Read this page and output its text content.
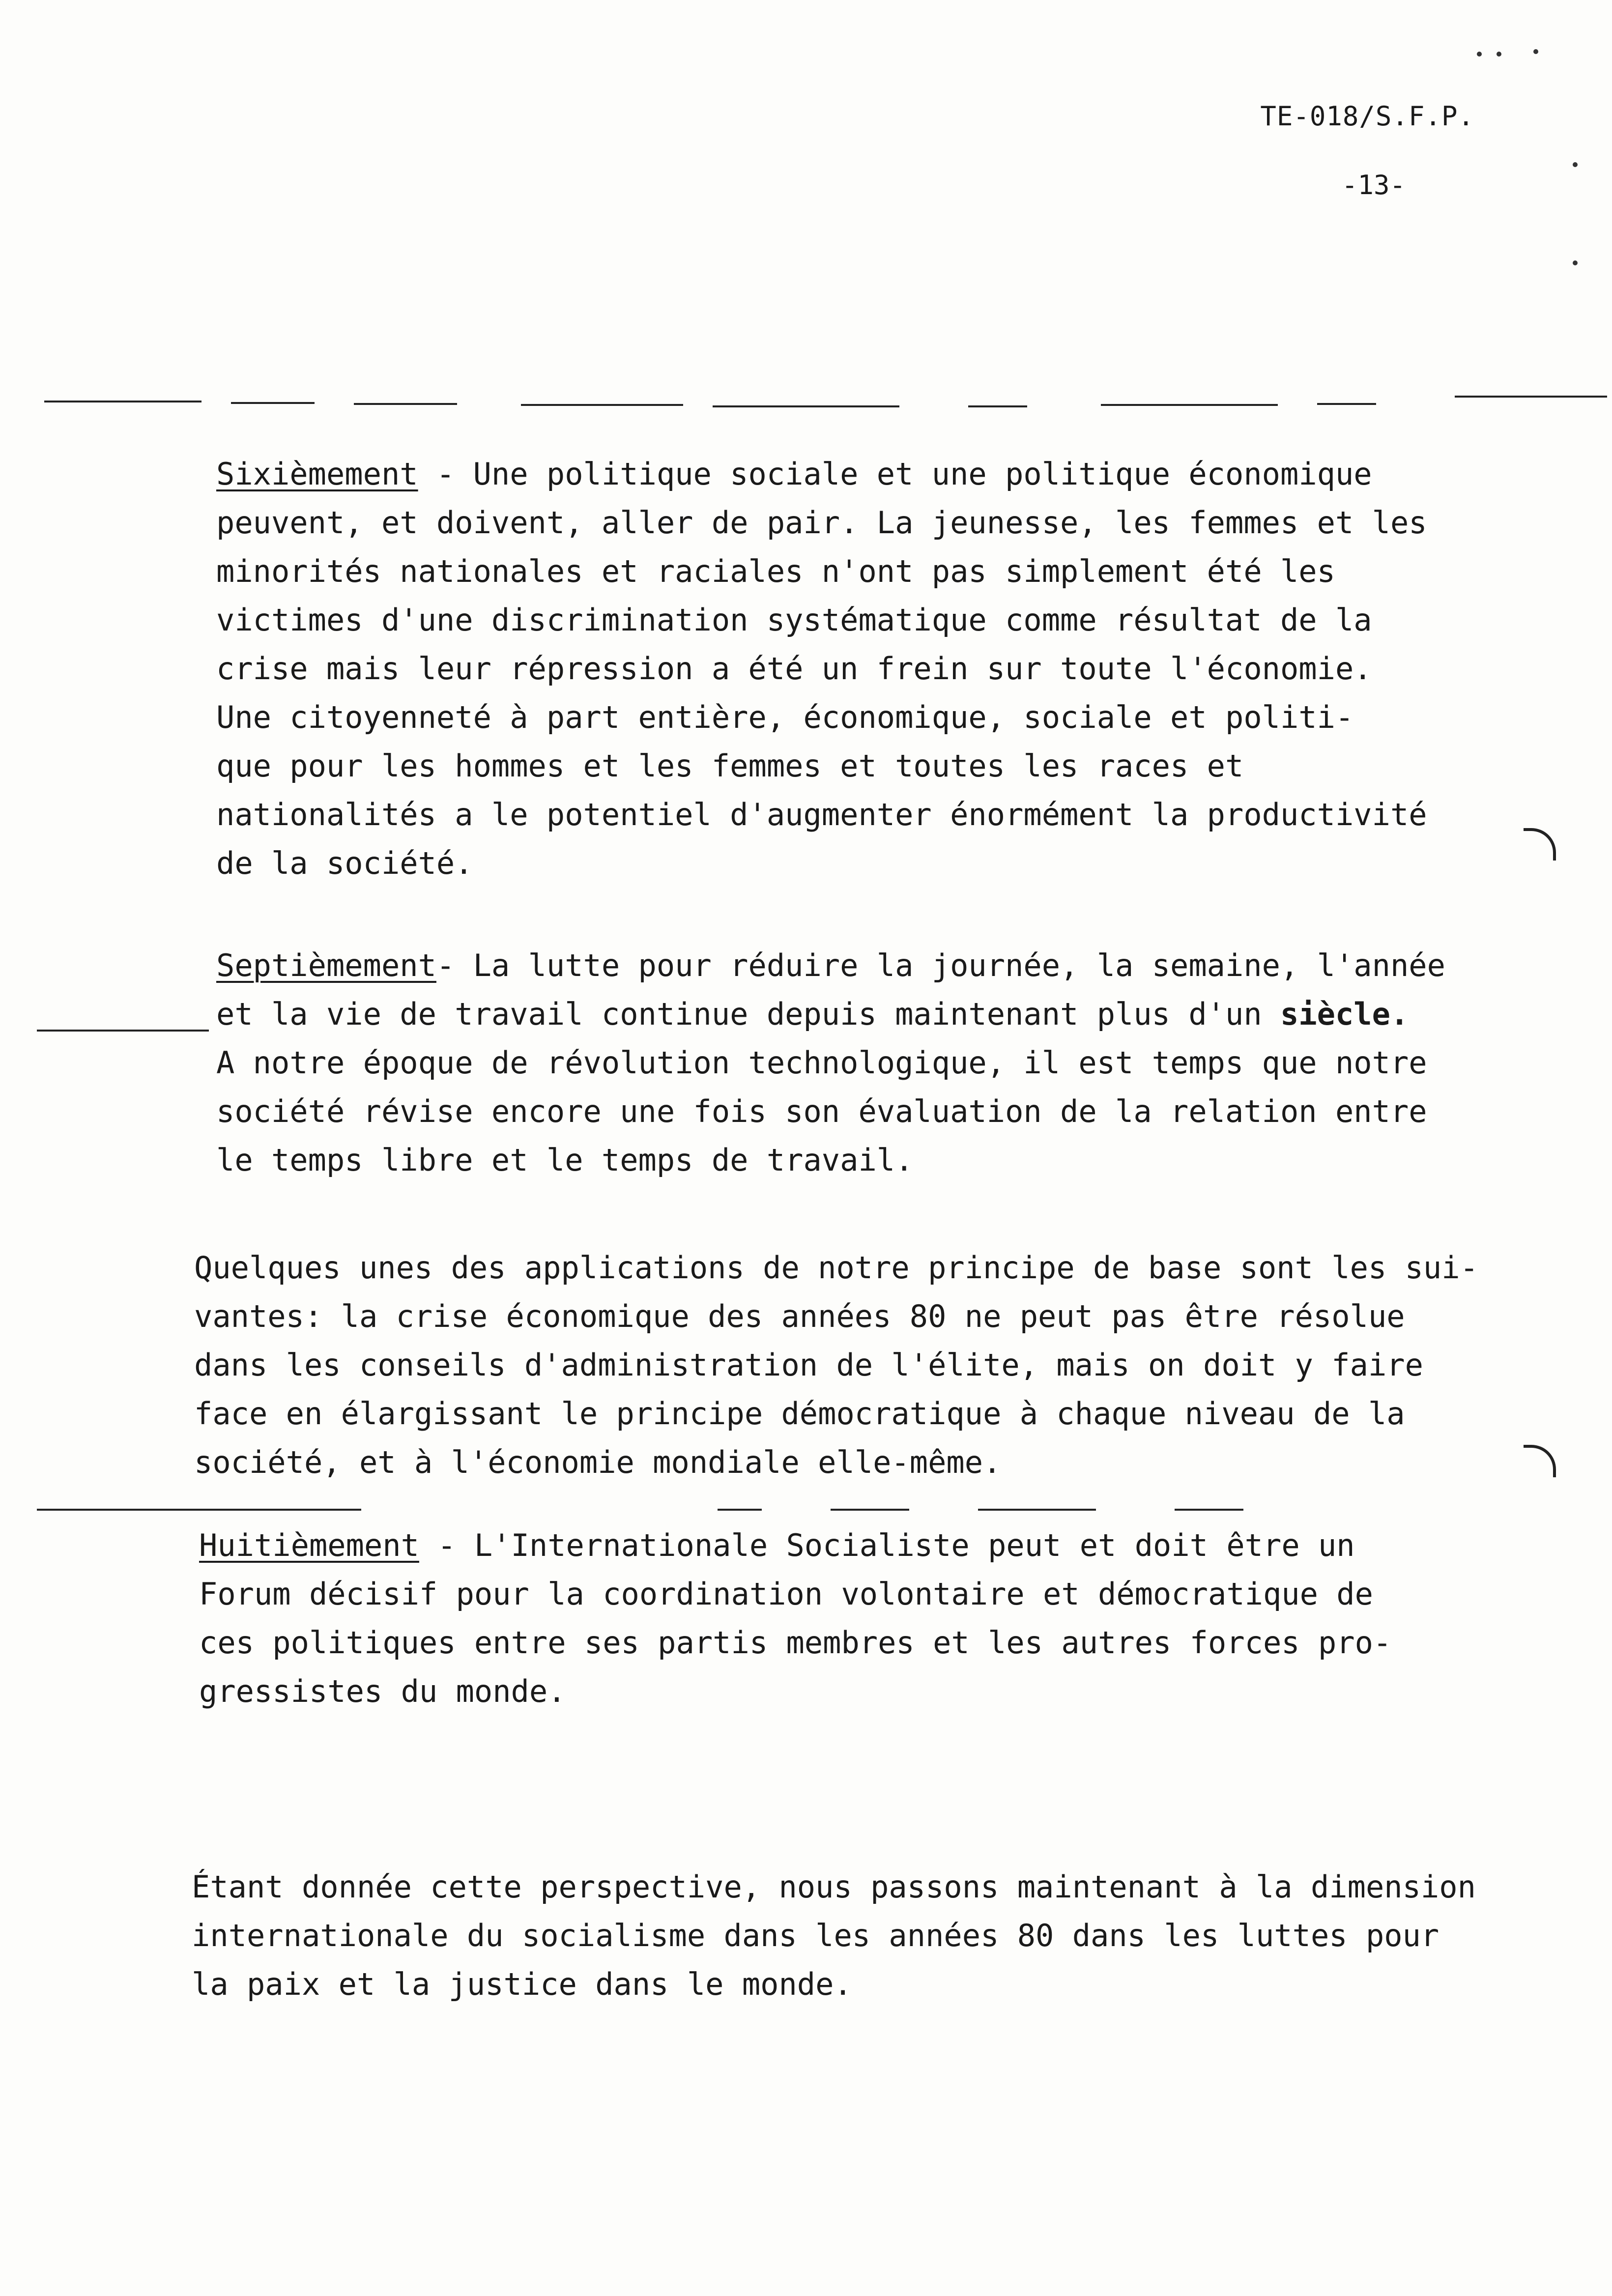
TE-018/S.F.P.
-13-
Sixièmement - Une politique sociale et une politique économique
peuvent, et doivent, aller de pair. La jeunesse, les femmes et les
minorités nationales et raciales n'ont pas simplement été les
victimes d'une discrimination systématique comme résultat de la
crise mais leur répression a été un frein sur toute l'économie.
Une citoyenneté à part entière, économique, sociale et politi-
que pour les hommes et les femmes et toutes les races et
nationalités a le potentiel d'augmenter énormément la productivité
de la société.
Septièmement- La lutte pour réduire la journée, la semaine, l'année
et la vie de travail continue depuis maintenant plus d'un siècle.
A notre époque de révolution technologique, il est temps que notre
société révise encore une fois son évaluation de la relation entre
le temps libre et le temps de travail.
Quelques unes des applications de notre principe de base sont les sui-
vantes: la crise économique des années 80 ne peut pas être résolue
dans les conseils d'administration de l'élite, mais on doit y faire
face en élargissant le principe démocratique à chaque niveau de la
société, et à l'économie mondiale elle-même.
Huitièmement - L'Internationale Socialiste peut et doit être un
Forum décisif pour la coordination volontaire et démocratique de
ces politiques entre ses partis membres et les autres forces pro-
gressistes du monde.
Étant donnée cette perspective, nous passons maintenant à la dimension
internationale du socialisme dans les années 80 dans les luttes pour
la paix et la justice dans le monde.
